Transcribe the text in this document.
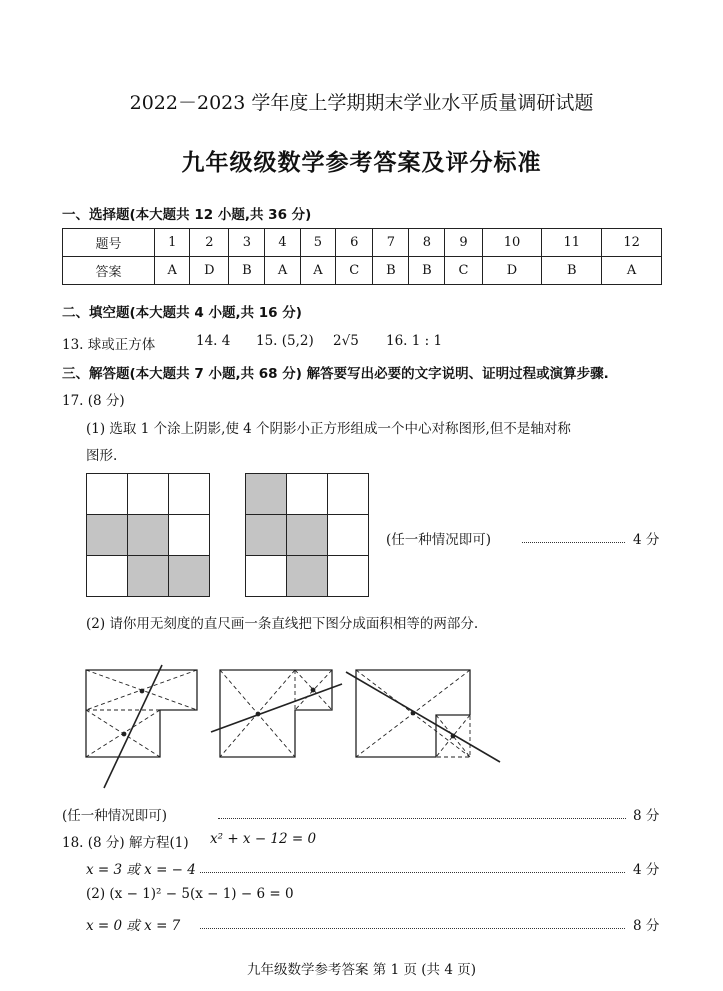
2022－2023 学年度上学期期末学业水平质量调研试题
九年级级数学参考答案及评分标准
一、选择题(本大题共 12 小题,共 36 分)
题号	1	2	3	4	5	6	7	8	9	10	11	12
答案	A	D	B	A	A	C	B	B	C	D	B	A
二、填空题(本大题共 4 小题,共 16 分)
13. 球或正方体	14. 4 15. (5,2) 2√5 16. 1 : 1
三、解答题(本大题共 7 小题,共 68 分) 解答要写出必要的文字说明、证明过程或演算步骤.
17. (8 分)
(1) 选取 1 个涂上阴影,使 4 个阴影小正方形组成一个中心对称图形,但不是轴对称
图形.

(任一种情况即可)	4 分
(2) 请你用无刻度的直尺画一条直线把下图分成面积相等的两部分.
(任一种情况即可)	8 分
18. (8 分) 解方程(1) x² + x − 12 = 0
x = 3 或 x = − 4	4 分
(2) (x − 1)² − 5(x − 1) − 6 = 0
x = 0 或 x = 7	8 分
九年级数学参考答案 第 1 页 (共 4 页)
